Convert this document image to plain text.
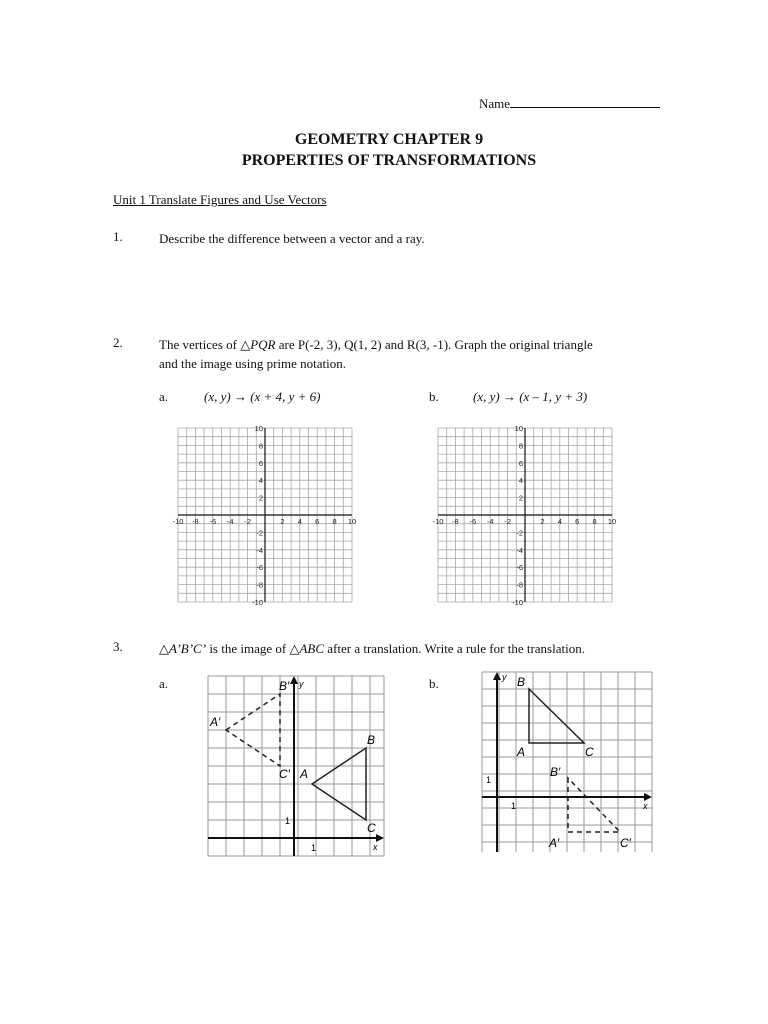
Name
GEOMETRY CHAPTER 9
PROPERTIES OF TRANSFORMATIONS
Unit 1 Translate Figures and Use Vectors
1.	Describe the difference between a vector and a ray.
2.	The vertices of △PQR are P(-2, 3), Q(1, 2) and R(3, -1). Graph the original triangle
and the image using prime notation.
a.	(x, y) → (x + 4, y + 6)	b.	(x, y) → (x – 1, y + 3)
-10
-10
-8
-8
-6
-6
-4
-4
-2
-2
2
2
4
4
6
6
8
8
10
10
-10
-10
-8
-8
-6
-6
-4
-4
-2
-2
2
2
4
4
6
6
8
8
10
10
3.	△A’B’C’ is the image of △ABC after a translation. Write a rule for the translation.
a.	b.
A′
B′
C′ A
B
C
y
x
1
1
B
A	C
B′
A′	C′
y
x
1
1
